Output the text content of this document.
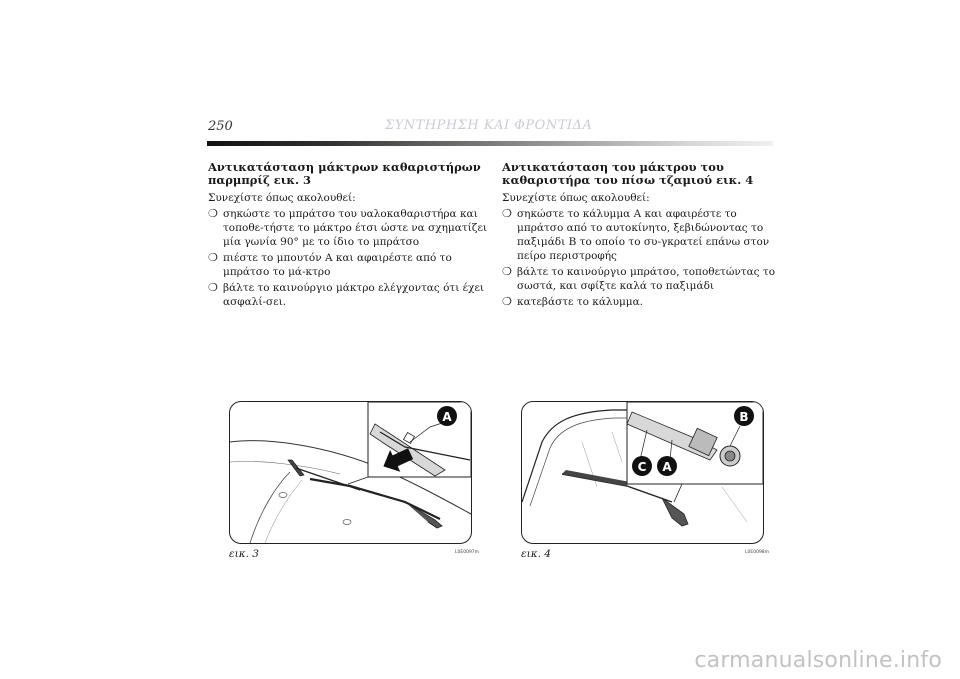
250	ΣΥΝΤΗΡΗΣΗ ΚΑΙ ΦΡΟΝΤΙΔΑ
Αντικατάσταση μάκτρων καθαριστήρων παρμπρίζ εικ. 3

Συνεχίστε όπως ακολουθεί:

❍ σηκώστε το μπράτσο του υαλοκαθαριστήρα και τοποθε-τήστε το μάκτρο έτσι ώστε να σχηματίζει μία γωνία 90° με το ίδιο το μπράτσο
❍ πιέστε το μπουτόν A και αφαιρέστε από το μπράτσο το μά-κτρο
❍ βάλτε το καινούργιο μάκτρο ελέγχοντας ότι έχει ασφαλί-σει.
Αντικατάσταση του μάκτρου του καθαριστήρα του πίσω τζαμιού εικ. 4

Συνεχίστε όπως ακολουθεί:

❍ σηκώστε το κάλυμμα A και αφαιρέστε το μπράτσο από το αυτοκίνητο, ξεβιδώνοντας το παξιμάδι B το οποίο το συ-γκρατεί επάνω στον πείρο περιστροφής
❍ βάλτε το καινούργιο μπράτσο, τοποθετώντας το σωστά, και σφίξτε καλά το παξιμάδι
❍ κατεβάστε το κάλυμμα.
A
εικ. 3	L0E0097m
B
C A
εικ. 4	L0E0098m
carmanualsonline.info
